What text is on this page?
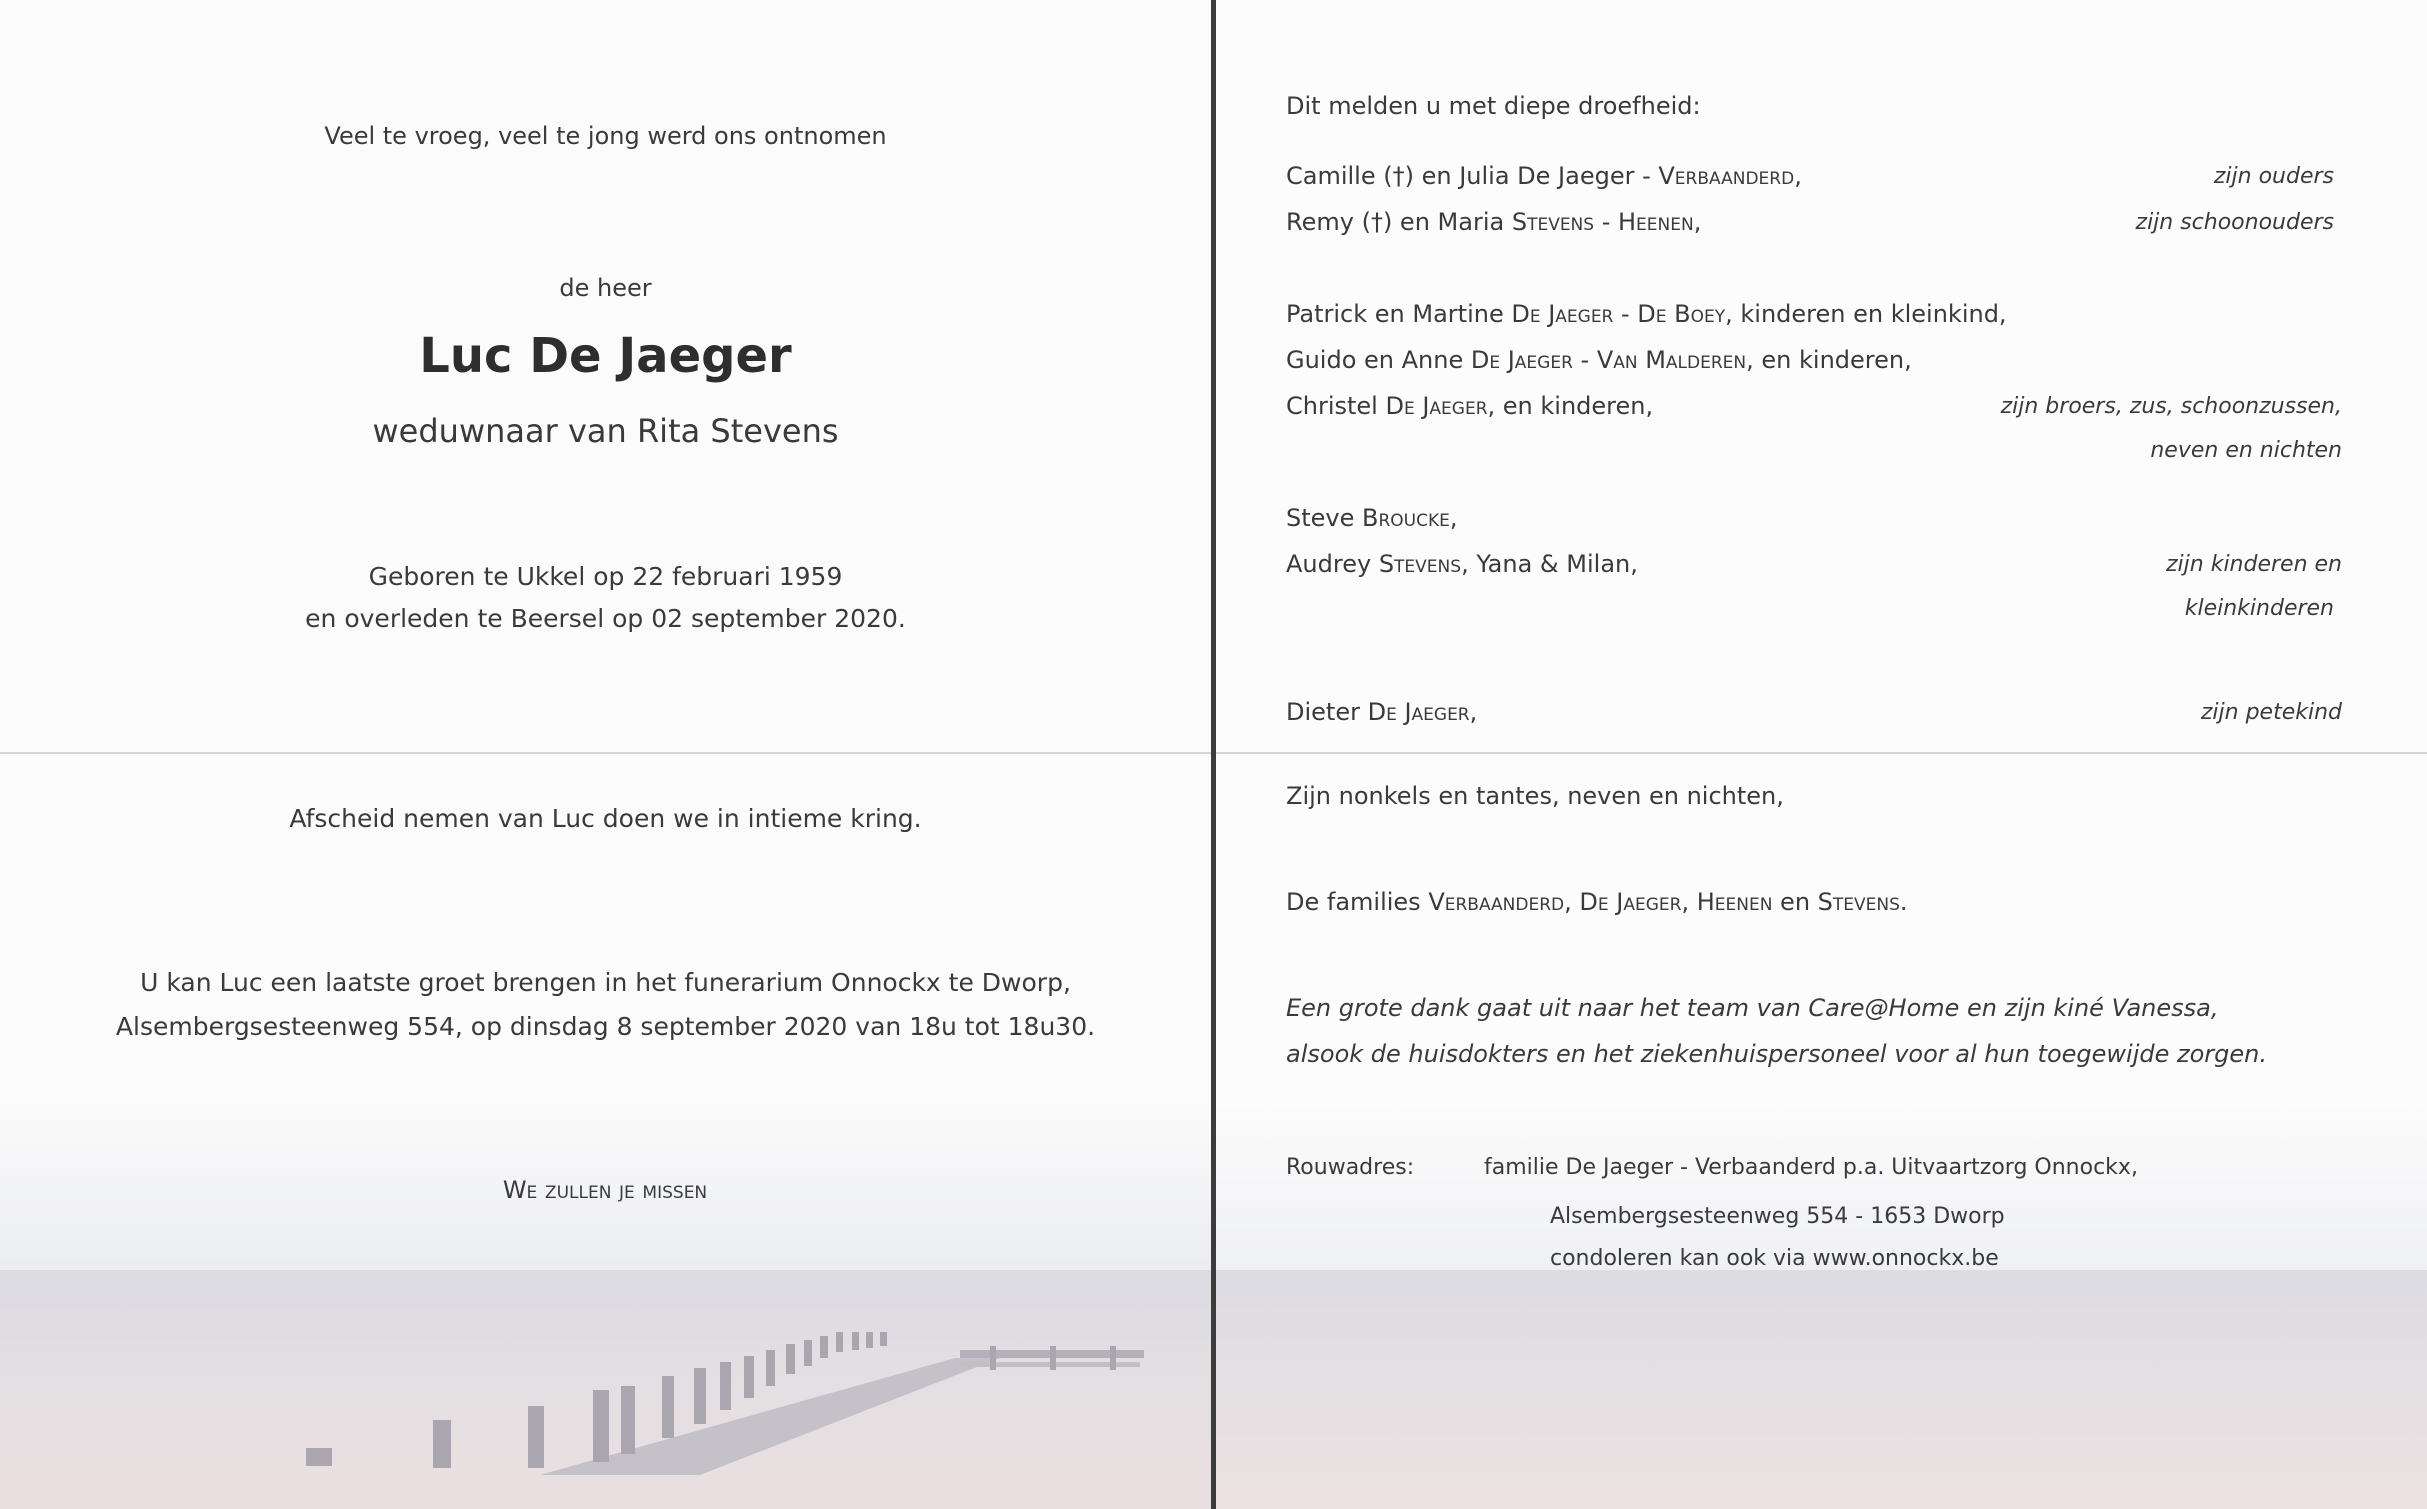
Veel te vroeg, veel te jong werd ons ontnomen
de heer
Luc De Jaeger
weduwnaar van Rita Stevens
Geboren te Ukkel op 22 februari 1959
en overleden te Beersel op 02 september 2020.
Afscheid nemen van Luc doen we in intieme kring.
U kan Luc een laatste groet brengen in het funerarium Onnockx te Dworp,
Alsembergsesteenweg 554, op dinsdag 8 september 2020 van 18u tot 18u30.
We zullen je missen
Dit melden u met diepe droefheid:
Camille (†) en Julia De Jaeger - Verbaanderd,	zijn ouders
Remy (†) en Maria Stevens - Heenen,	zijn schoonouders
Patrick en Martine De Jaeger - De Boey, kinderen en kleinkind,
Guido en Anne De Jaeger - Van Malderen, en kinderen,
Christel De Jaeger, en kinderen,	zijn broers, zus, schoonzussen,
neven en nichten
Steve Broucke,
Audrey Stevens, Yana & Milan,	zijn kinderen en
kleinkinderen
Dieter De Jaeger,	zijn petekind
Zijn nonkels en tantes, neven en nichten,
De families Verbaanderd, De Jaeger, Heenen en Stevens.
Een grote dank gaat uit naar het team van Care@Home en zijn kiné Vanessa,
alsook de huisdokters en het ziekenhuispersoneel voor al hun toegewijde zorgen.
Rouwadres:	familie De Jaeger - Verbaanderd p.a. Uitvaartzorg Onnockx,
Alsembergsesteenweg 554 - 1653 Dworp
condoleren kan ook via www.onnockx.be
